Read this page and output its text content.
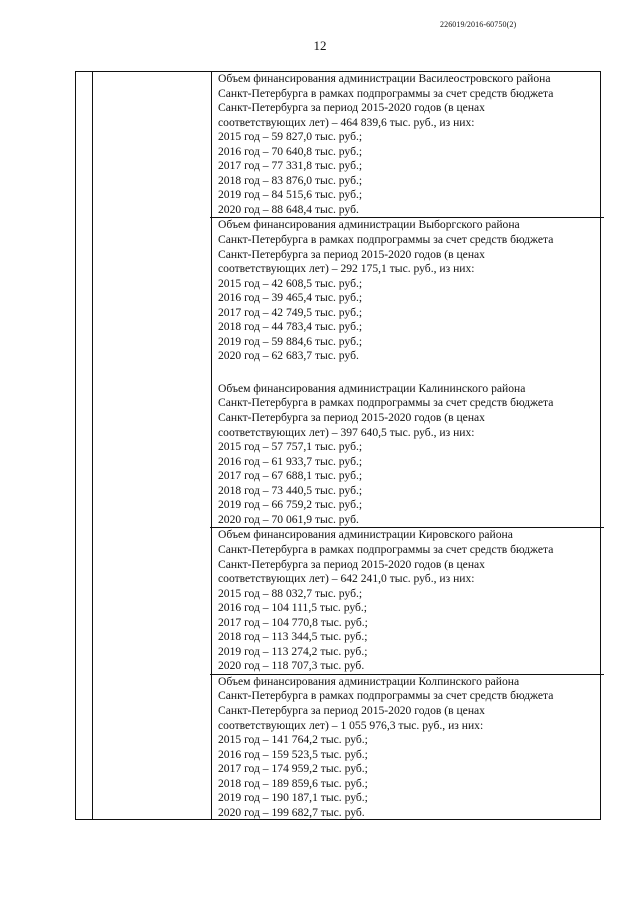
226019/2016-60750(2)
12
Объем финансирования администрации Василеостровского района
Санкт-Петербурга в рамках подпрограммы за счет средств бюджета
Санкт-Петербурга за период 2015-2020 годов (в ценах
соответствующих лет) – 464 839,6 тыс. руб., из них:
2015 год – 59 827,0 тыс. руб.;
2016 год – 70 640,8 тыс. руб.;
2017 год – 77 331,8 тыс. руб.;
2018 год – 83 876,0 тыс. руб.;
2019 год – 84 515,6 тыс. руб.;
2020 год – 88 648,4 тыс. руб.
Объем финансирования администрации Выборгского района
Санкт-Петербурга в рамках подпрограммы за счет средств бюджета
Санкт-Петербурга за период 2015-2020 годов (в ценах
соответствующих лет) – 292 175,1 тыс. руб., из них:
2015 год – 42 608,5 тыс. руб.;
2016 год – 39 465,4 тыс. руб.;
2017 год – 42 749,5 тыс. руб.;
2018 год – 44 783,4 тыс. руб.;
2019 год – 59 884,6 тыс. руб.;
2020 год – 62 683,7 тыс. руб.
Объем финансирования администрации Калининского района
Санкт-Петербурга в рамках подпрограммы за счет средств бюджета
Санкт-Петербурга за период 2015-2020 годов (в ценах
соответствующих лет) – 397 640,5 тыс. руб., из них:
2015 год – 57 757,1 тыс. руб.;
2016 год – 61 933,7 тыс. руб.;
2017 год – 67 688,1 тыс. руб.;
2018 год – 73 440,5 тыс. руб.;
2019 год – 66 759,2 тыс. руб.;
2020 год – 70 061,9 тыс. руб.
Объем финансирования администрации Кировского района
Санкт-Петербурга в рамках подпрограммы за счет средств бюджета
Санкт-Петербурга за период 2015-2020 годов (в ценах
соответствующих лет) – 642 241,0 тыс. руб., из них:
2015 год – 88 032,7 тыс. руб.;
2016 год – 104 111,5 тыс. руб.;
2017 год – 104 770,8 тыс. руб.;
2018 год – 113 344,5 тыс. руб.;
2019 год – 113 274,2 тыс. руб.;
2020 год – 118 707,3 тыс. руб.
Объем финансирования администрации Колпинского района
Санкт-Петербурга в рамках подпрограммы за счет средств бюджета
Санкт-Петербурга за период 2015-2020 годов (в ценах
соответствующих лет) – 1 055 976,3 тыс. руб., из них:
2015 год – 141 764,2 тыс. руб.;
2016 год – 159 523,5 тыс. руб.;
2017 год – 174 959,2 тыс. руб.;
2018 год – 189 859,6 тыс. руб.;
2019 год – 190 187,1 тыс. руб.;
2020 год – 199 682,7 тыс. руб.
